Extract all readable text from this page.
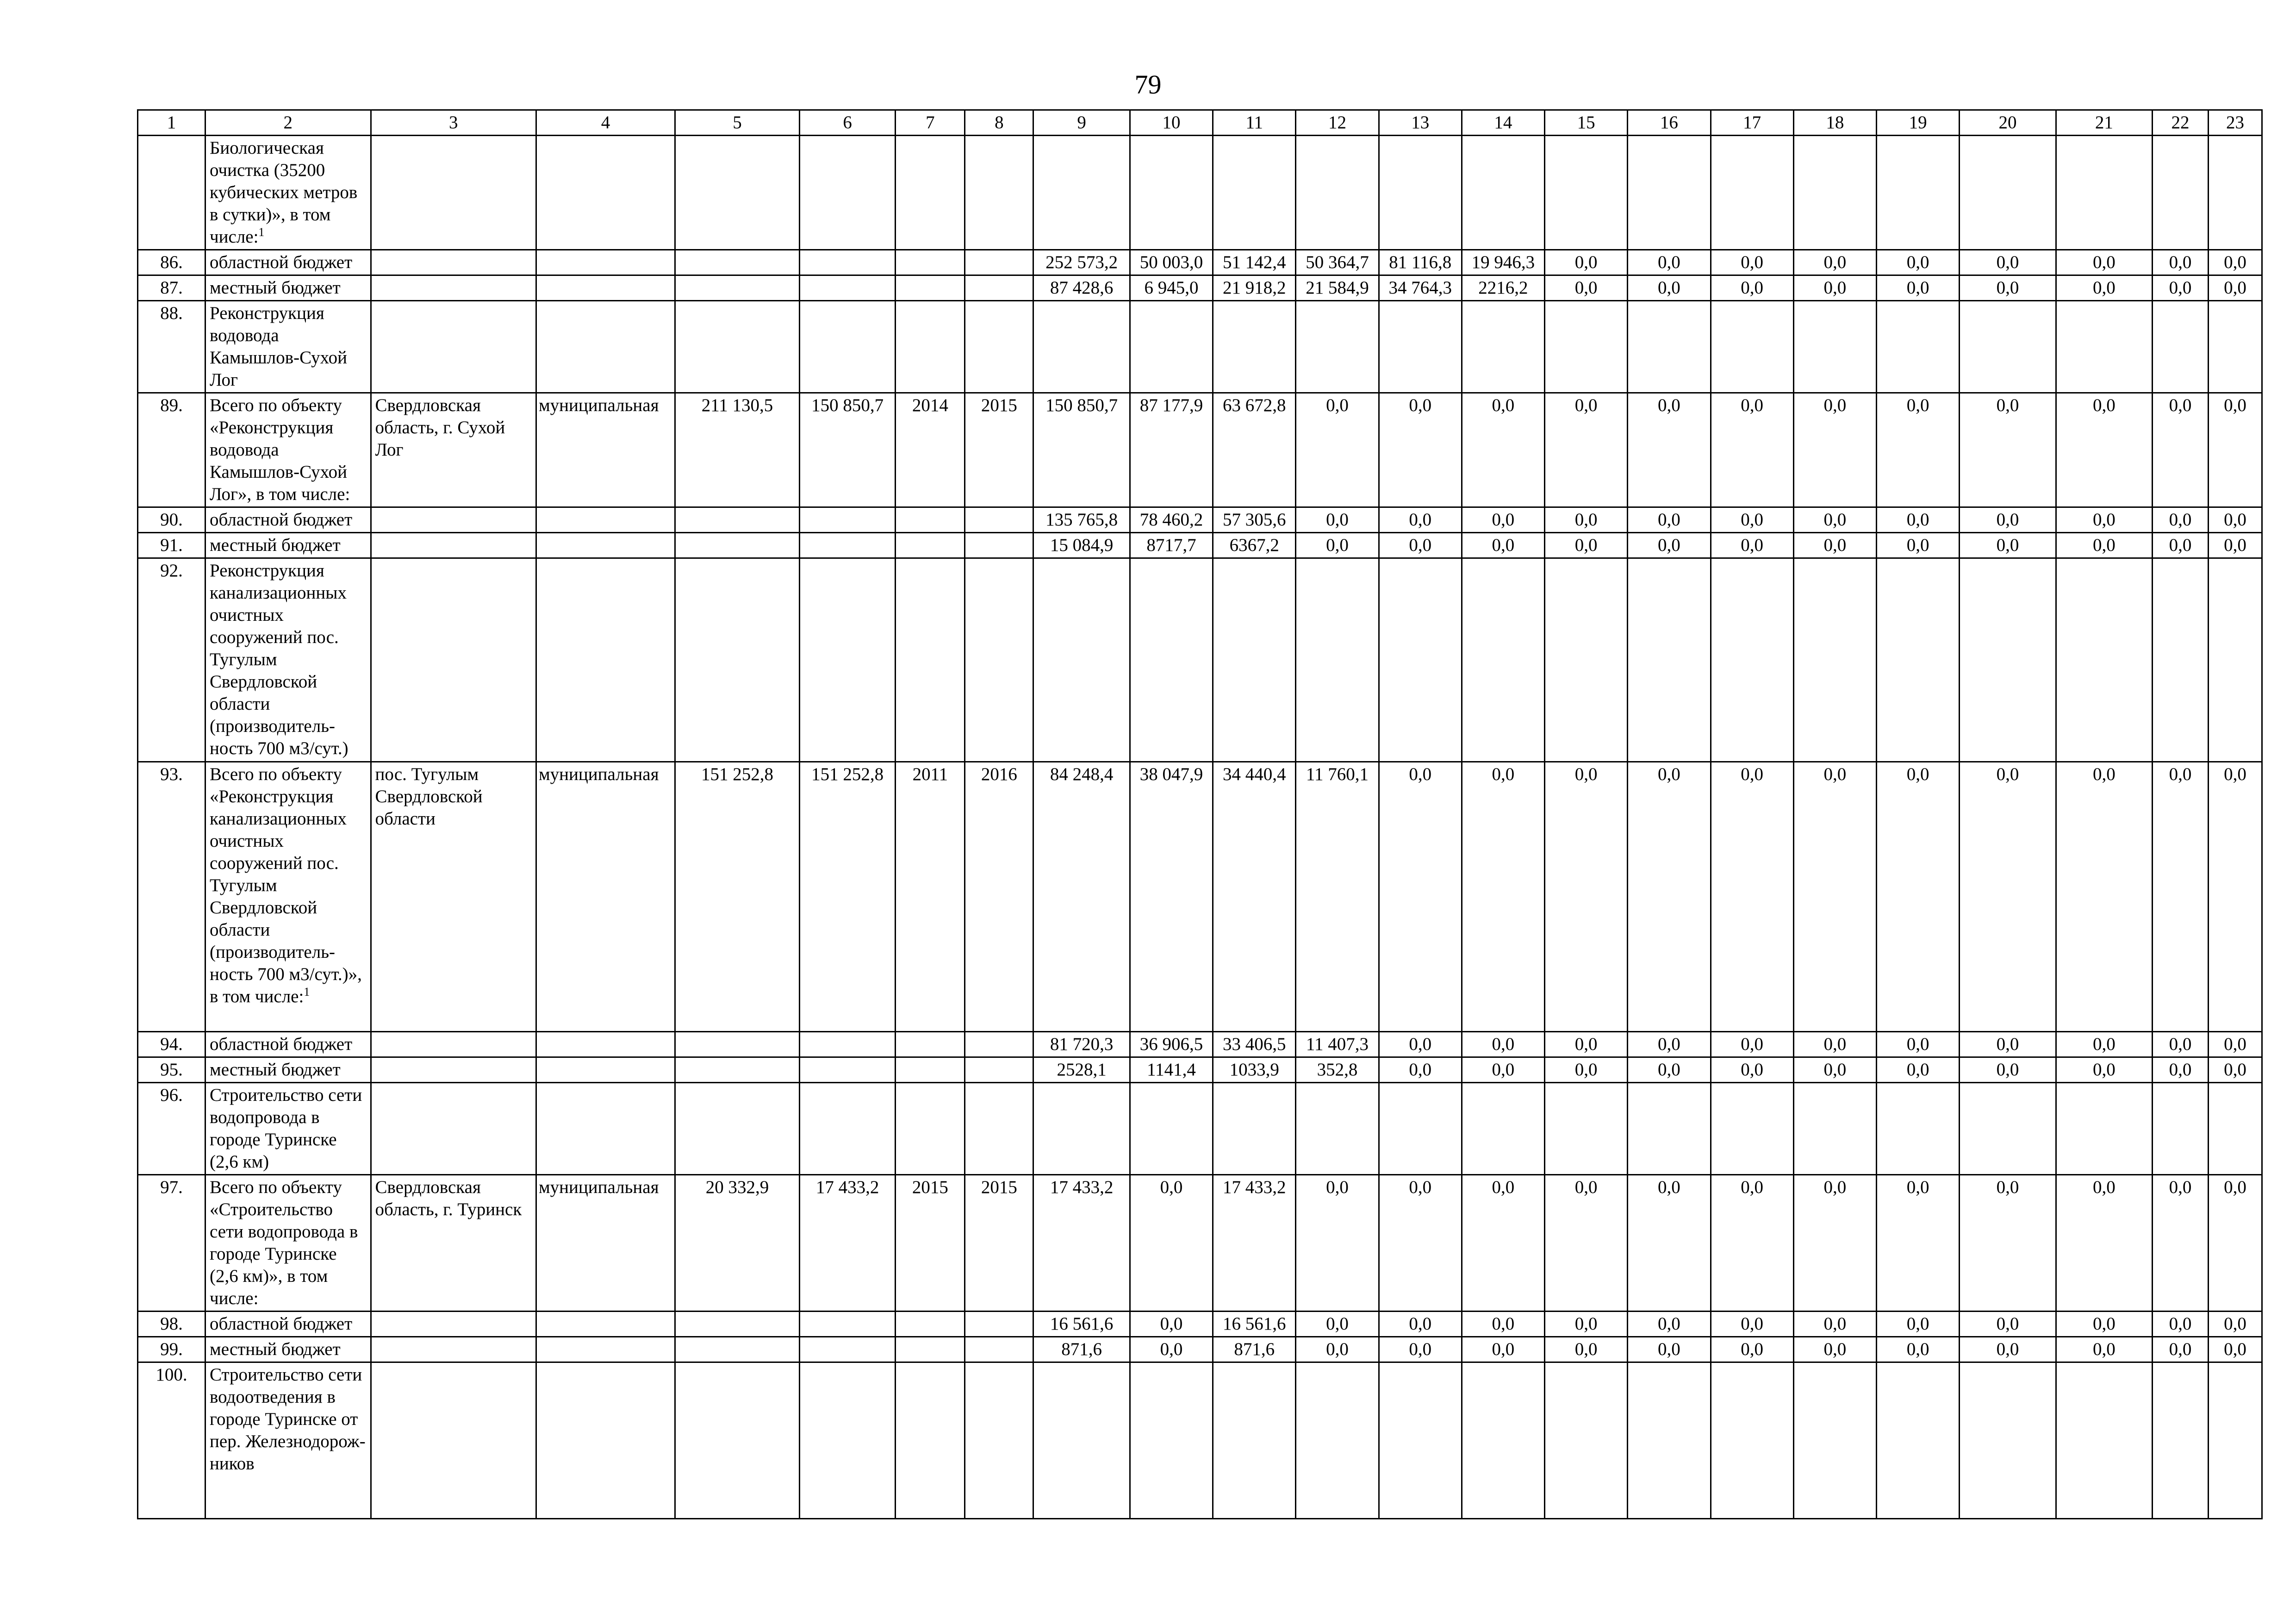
79
1	2	3	4	5	6	7	8	9	10	11	12	13	14	15	16	17	18	19	20	21	22	23
	Биологическая очистка (35200 кубических метров в сутки)», в том числе:$^1$																					
86.	областной бюджет							252 573,2	50 003,0	51 142,4	50 364,7	81 116,8	19 946,3	0,0	0,0	0,0	0,0	0,0	0,0	0,0	0,0	0,0
87.	местный бюджет							87 428,6	6 945,0	21 918,2	21 584,9	34 764,3	2216,2	0,0	0,0	0,0	0,0	0,0	0,0	0,0	0,0	0,0
88.	Реконструкция водовода Камышлов-Сухой Лог																					
89.	Всего по объекту «Реконструкция водовода Камышлов-Сухой Лог», в том числе:	Свердловская область, г. Сухой Лог	муниципальная	211 130,5	150 850,7	2014	2015	150 850,7	87 177,9	63 672,8	0,0	0,0	0,0	0,0	0,0	0,0	0,0	0,0	0,0	0,0	0,0	0,0
90.	областной бюджет							135 765,8	78 460,2	57 305,6	0,0	0,0	0,0	0,0	0,0	0,0	0,0	0,0	0,0	0,0	0,0	0,0
91.	местный бюджет							15 084,9	8717,7	6367,2	0,0	0,0	0,0	0,0	0,0	0,0	0,0	0,0	0,0	0,0	0,0	0,0
92.	Реконструкция канализационных очистных сооружений пос. Тугулым Свердловской области (производитель-ность 700 м3/сут.)																					
93.	Всего по объекту «Реконструкция канализационных очистных сооружений пос. Тугулым Свердловской области (производитель-ность 700 м3/сут.)», в том числе:$^1$	пос. Тугулым Свердловской области	муниципальная	151 252,8	151 252,8	2011	2016	84 248,4	38 047,9	34 440,4	11 760,1	0,0	0,0	0,0	0,0	0,0	0,0	0,0	0,0	0,0	0,0	0,0
94.	областной бюджет							81 720,3	36 906,5	33 406,5	11 407,3	0,0	0,0	0,0	0,0	0,0	0,0	0,0	0,0	0,0	0,0	0,0
95.	местный бюджет							2528,1	1141,4	1033,9	352,8	0,0	0,0	0,0	0,0	0,0	0,0	0,0	0,0	0,0	0,0	0,0
96.	Строительство сети водопровода в городе Туринске (2,6 км)																					
97.	Всего по объекту «Строительство сети водопровода в городе Туринске (2,6 км)», в том числе:	Свердловская область, г. Туринск	муниципальная	20 332,9	17 433,2	2015	2015	17 433,2	0,0	17 433,2	0,0	0,0	0,0	0,0	0,0	0,0	0,0	0,0	0,0	0,0	0,0	0,0
98.	областной бюджет							16 561,6	0,0	16 561,6	0,0	0,0	0,0	0,0	0,0	0,0	0,0	0,0	0,0	0,0	0,0	0,0
99.	местный бюджет							871,6	0,0	871,6	0,0	0,0	0,0	0,0	0,0	0,0	0,0	0,0	0,0	0,0	0,0	0,0
100.	Строительство сети водоотведения в городе Туринске от пер. Железнодорож-ников																					
